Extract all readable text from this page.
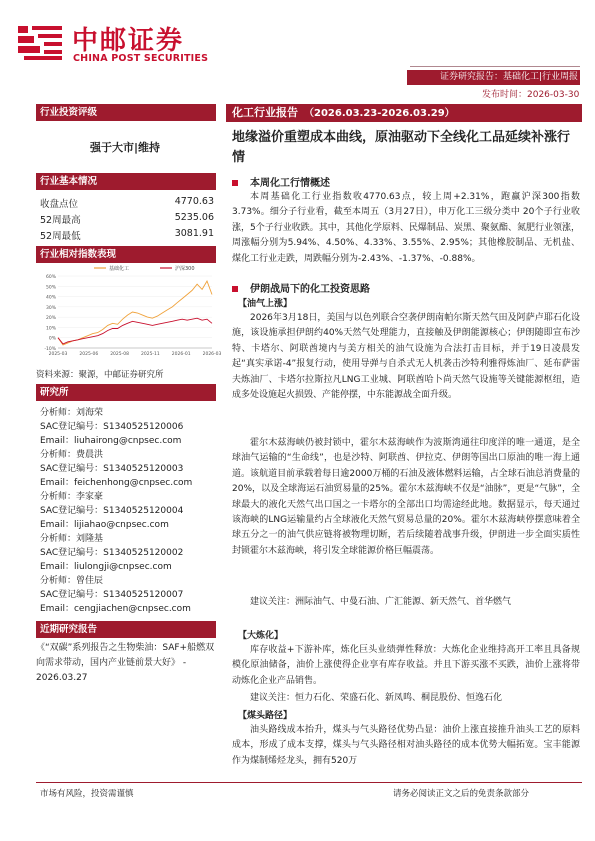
中邮证券
CHINA POST SECURITIES
证券研究报告：基础化工|行业周报
发布时间：2026-03-30
行业投资评级
强于大市|维持
行业基本情况
收盘点位	4770.63
52周最高	5235.06
52周最低	3081.91
行业相对指数表现
-10%
0%
10%
20%
30%
40%
50%
60%
2025-03	2025-06	2025-08	2025-11	2026-01	2026-03
基础化工	沪深300
资料来源：聚源，中邮证券研究所
研究所
分析师：刘海荣
SAC登记编号：S1340525120006
Email：liuhairong@cnpsec.com
分析师：费晨洪
SAC登记编号：S1340525120003
Email：feichenhong@cnpsec.com
分析师：李家豪
SAC登记编号：S1340525120004
Email：lijiahao@cnpsec.com
分析师：刘隆基
SAC登记编号：S1340525120002
Email：liulongji@cnpsec.com
分析师：曾佳辰
SAC登记编号：S1340525120007
Email：cengjiachen@cnpsec.com
近期研究报告
《“双碳”系列报告之生物柴油：SAF+船燃双向需求带动，国内产业链前景大好》 - 2026.03.27
化工行业报告 （2026.03.23-2026.03.29）
地缘溢价重塑成本曲线，原油驱动下全线化工品延续补涨行情
本周化工行情概述
本周基础化工行业指数收4770.63点，较上周+2.31%，跑赢沪深300指数3.73%。细分子行业看，截至本周五（3月27日），申万化工三级分类中 20个子行业收涨，5个子行业收跌。其中，其他化学原料、民爆制品、炭黑、聚氨酯、氮肥行业领涨，周涨幅分别为5.94%、4.50%、4.33%、3.55%、2.95%；其他橡胶制品、无机盐、煤化工行业走跌，周跌幅分别为-2.43%、-1.37%、-0.88%。
伊朗战局下的化工投资思路
【油气上涨】
2026年3月18日，美国与以色列联合空袭伊朗南帕尔斯天然气田及阿萨卢耶石化设施，该设施承担伊朗约40%天然气处理能力，直接触及伊朗能源核心；伊朗随即宣布沙特、卡塔尔、阿联酋境内与美方相关的油气设施为合法打击目标，并于19日凌晨发起“真实承诺-4”报复行动，使用导弹与自杀式无人机袭击沙特利雅得炼油厂、延布萨雷夫炼油厂、卡塔尔拉斯拉凡LNG工业城、阿联酋哈卜尚天然气设施等关键能源枢纽，造成多处设施起火损毁、产能停摆，中东能源战全面升级。
霍尔木兹海峡仍被封锁中，霍尔木兹海峡作为波斯湾通往印度洋的唯一通道，是全球油气运输的“生命线”，也是沙特、阿联酋、伊拉克、伊朗等国出口原油的唯一海上通道。该航道目前承载着每日逾2000万桶的石油及液体燃料运输，占全球石油总消费量的20%，以及全球海运石油贸易量的25%。霍尔木兹海峡不仅是“油脉”，更是“气脉”，全球最大的液化天然气出口国之一卡塔尔的全部出口均需途经此地。数据显示，每天通过该海峡的LNG运输量约占全球液化天然气贸易总量的20%。霍尔木兹海峡停摆意味着全球五分之一的油气供应链将被物理切断，若后续随着战事升级，伊朗进一步全面实质性封锁霍尔木兹海峡，将引发全球能源价格巨幅震荡。
建议关注：洲际油气、中曼石油、广汇能源、新天然气、首华燃气
【大炼化】
库存收益+下游补库，炼化巨头业绩弹性释放：大炼化企业维持高开工率且具备规模化原油储备，油价上涨使得企业享有库存收益。并且下游买涨不买跌，油价上涨将带动炼化企业产品销售。
建议关注：恒力石化、荣盛石化、新凤鸣、桐昆股份、恒逸石化
【煤头路径】
油头路线成本抬升，煤头与气头路径优势凸显：油价上涨直接推升油头工艺的原料成本，形成了成本支撑，煤头与气头路径相对油头路径的成本优势大幅拓宽。宝丰能源作为煤制烯烃龙头，拥有520万
市场有风险，投资需谨慎	请务必阅读正文之后的免责条款部分
